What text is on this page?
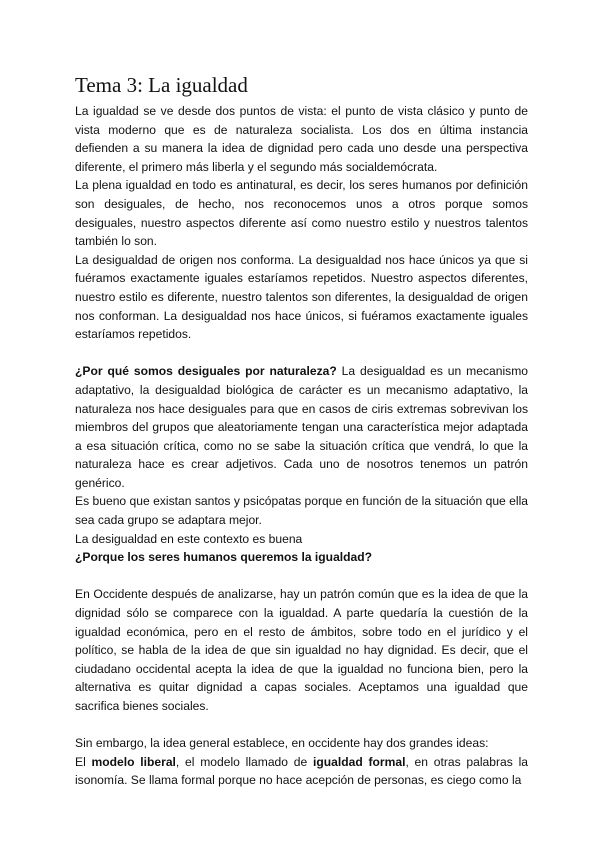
Tema 3: La igualdad

La igualdad se ve desde dos puntos de vista: el punto de vista clásico y punto de vista moderno que es de naturaleza socialista. Los dos en última instancia defienden a su manera la idea de dignidad pero cada uno desde una perspectiva diferente, el primero más liberla y el segundo más socialdemócrata.

La plena igualdad en todo es antinatural, es decir, los seres humanos por definición son desiguales, de hecho, nos reconocemos unos a otros porque somos desiguales, nuestro aspectos diferente así como nuestro estilo y nuestros talentos también lo son.

La desigualdad de origen nos conforma. La desigualdad nos hace únicos ya que si fuéramos exactamente iguales estaríamos repetidos. Nuestro aspectos diferentes, nuestro estilo es diferente, nuestro talentos son diferentes, la desigualdad de origen nos conforman. La desigualdad nos hace únicos, si fuéramos exactamente iguales estaríamos repetidos.

¿Por qué somos desiguales por naturaleza? La desigualdad es un mecanismo adaptativo, la desigualdad biológica de carácter es un mecanismo adaptativo, la naturaleza nos hace desiguales para que en casos de ciris extremas sobrevivan los miembros del grupos que aleatoriamente tengan una característica mejor adaptada a esa situación crítica, como no se sabe la situación crítica que vendrá, lo que la naturaleza hace es crear adjetivos. Cada uno de nosotros tenemos un patrón genérico.

Es bueno que existan santos y psicópatas porque en función de la situación que ella sea cada grupo se adaptara mejor.

La desigualdad en este contexto es buena

¿Porque los seres humanos queremos la igualdad?

En Occidente después de analizarse, hay un patrón común que es la idea de que la dignidad sólo se comparece con la igualdad. A parte quedaría la cuestión de la igualdad económica, pero en el resto de ámbitos, sobre todo en el jurídico y el político, se habla de la idea de que sin igualdad no hay dignidad. Es decir, que el ciudadano occidental acepta la idea de que la igualdad no funciona bien, pero la alternativa es quitar dignidad a capas sociales. Aceptamos una igualdad que sacrifica bienes sociales.

Sin embargo, la idea general establece, en occidente hay dos grandes ideas:

El modelo liberal, el modelo llamado de igualdad formal, en otras palabras la isonomía. Se llama formal porque no hace acepción de personas, es ciego como la
